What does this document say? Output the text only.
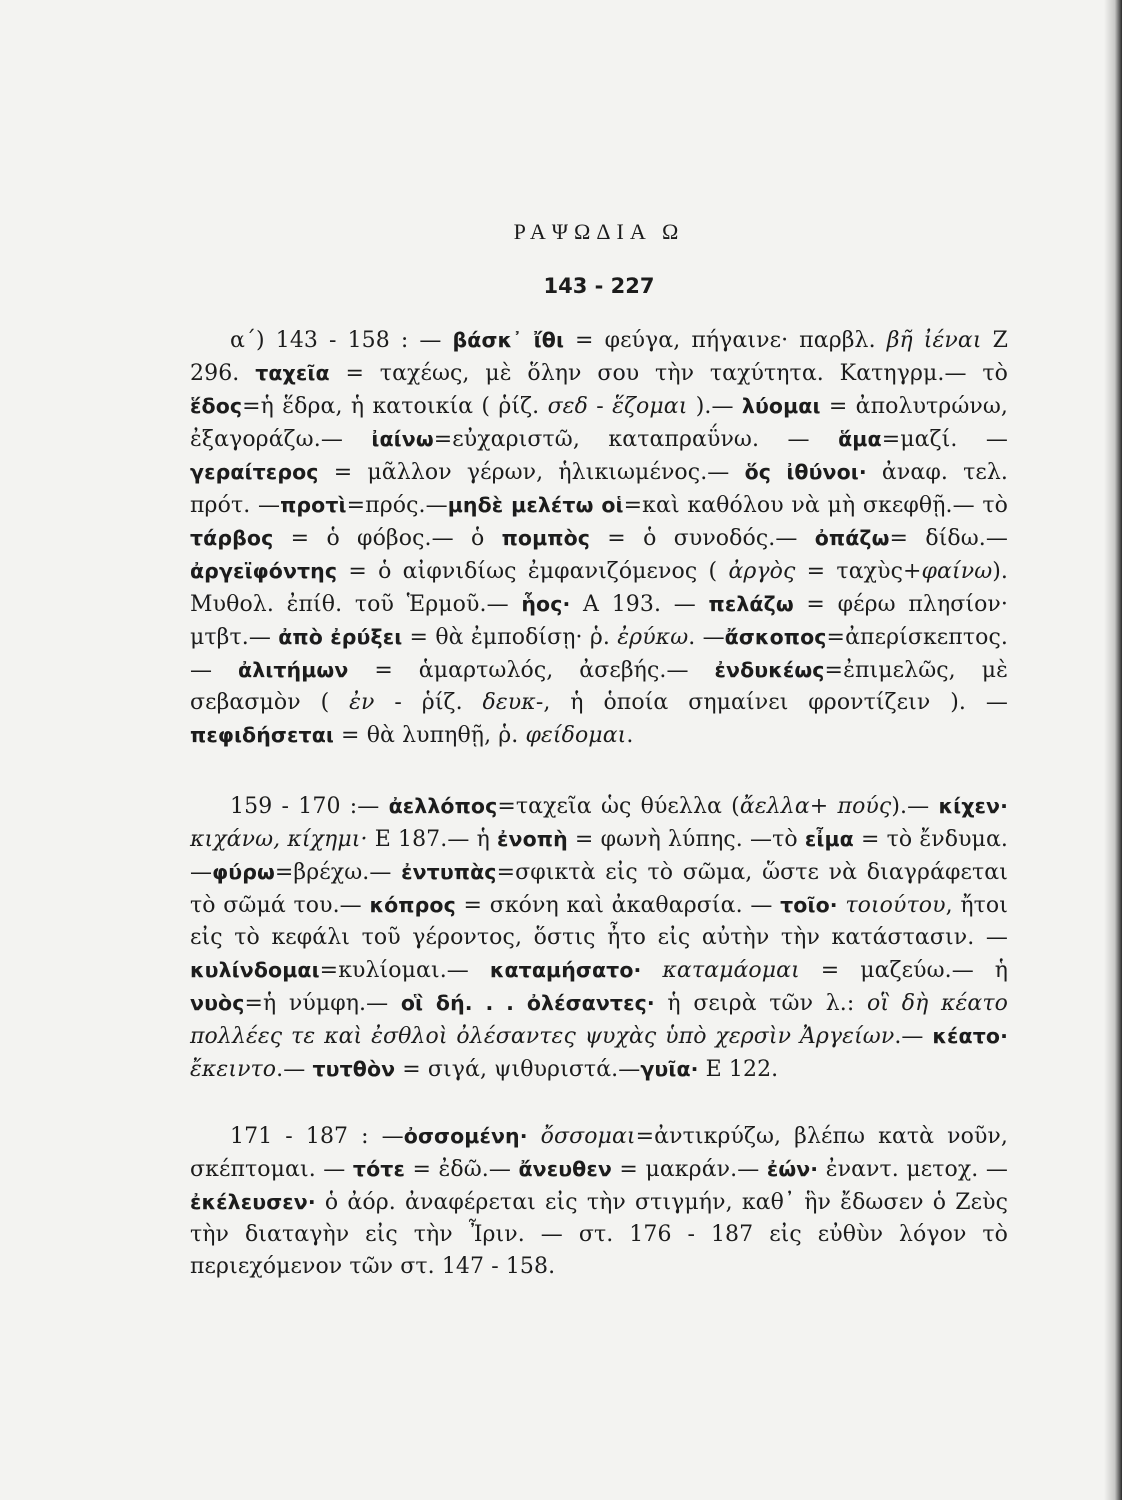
ΡΑΨΩΔΙΑ Ω
143 - 227

α΄) 143 - 158 : — βάσκ᾽ ἴθι = φεύγα, πήγαινε· παρβλ. βῆ ἰέναι Ζ 296. ταχεῖα = ταχέως, μὲ ὅλην σου τὴν ταχύτητα. Κατηγρμ.— τὸ ἕδος=ἡ ἕδρα, ἡ κατοικία ( ῥίζ. σεδ - ἕζομαι ).— λύομαι = ἀπολυτρώνω, ἐξαγοράζω.— ἰαίνω=εὐχαριστῶ, καταπραΰνω. — ἅμα=μαζί. — γεραίτερος = μᾶλλον γέρων, ἡλικιωμένος.— ὅς ἰθύνοι· ἀναφ. τελ. πρότ. —προτὶ=πρός.—μηδὲ μελέτω οἱ=καὶ καθόλου νὰ μὴ σκεφθῇ.— τὸ τάρβος = ὁ φόβος.— ὁ πομπὸς = ὁ συνοδός.— ὀπάζω= δίδω.— ἀργεϊφόντης = ὁ αἰφνιδίως ἐμφανιζόμενος ( ἀργὸς = ταχὺς+φαίνω). Μυθολ. ἐπίθ. τοῦ Ἑρμοῦ.— ἧος· Α 193. — πελάζω = φέρω πλησίον· μτβτ.— ἀπὸ ἐρύξει = θὰ ἐμποδίσῃ· ῥ. ἐρύκω. —ἄσκοπος=ἀπερίσκεπτος.— ἀλιτήμων = ἁμαρτωλός, ἀσεβής.— ἐνδυκέως=ἐπιμελῶς, μὲ σεβασμὸν ( ἐν - ῥίζ. δευκ-, ἡ ὁποία σημαίνει φροντίζειν ). — πεφιδήσεται = θὰ λυπηθῇ, ῥ. φείδομαι.

159 - 170 :— ἀελλόπος=ταχεῖα ὡς θύελλα (ἄελλα+ πούς).— κίχεν· κιχάνω, κίχημι· Ε 187.— ἡ ἐνοπὴ = φωνὴ λύπης. —τὸ εἶμα = τὸ ἔνδυμα. —φύρω=βρέχω.— ἐντυπὰς=σφικτὰ εἰς τὸ σῶμα, ὥστε νὰ διαγράφεται τὸ σῶμά του.— κόπρος = σκόνη καὶ ἀκαθαρσία. — τοῖο· τοιούτου, ἤτοι εἰς τὸ κεφάλι τοῦ γέροντος, ὅστις ἦτο εἰς αὐτὴν τὴν κατάστασιν. —κυλίνδομαι=κυλίομαι.— καταμήσατο· καταμάομαι = μαζεύω.— ἡ νυὸς=ἡ νύμφη.— οἳ δή. . . ὀλέσαντες· ἡ σειρὰ τῶν λ.: οἳ δὴ κέατο πολλέες τε καὶ ἐσθλοὶ ὀλέσαντες ψυχὰς ὑπὸ χερσὶν Ἀργείων.— κέατο· ἔκειντο.— τυτθὸν = σιγά, ψιθυριστά.—γυῖα· Ε 122.

171 - 187 : —ὀσσομένη· ὄσσομαι=ἀντικρύζω, βλέπω κατὰ νοῦν, σκέπτομαι. — τότε = ἐδῶ.— ἄνευθεν = μακράν.— ἐών· ἐναντ. μετοχ. —ἐκέλευσεν· ὁ ἀόρ. ἀναφέρεται εἰς τὴν στιγμήν, καθ᾽ ἣν ἔδωσεν ὁ Ζεὺς τὴν διαταγὴν εἰς τὴν Ἶριν. — στ. 176 - 187 εἰς εὐθὺν λόγον τὸ περιεχόμενον τῶν στ. 147 - 158.
